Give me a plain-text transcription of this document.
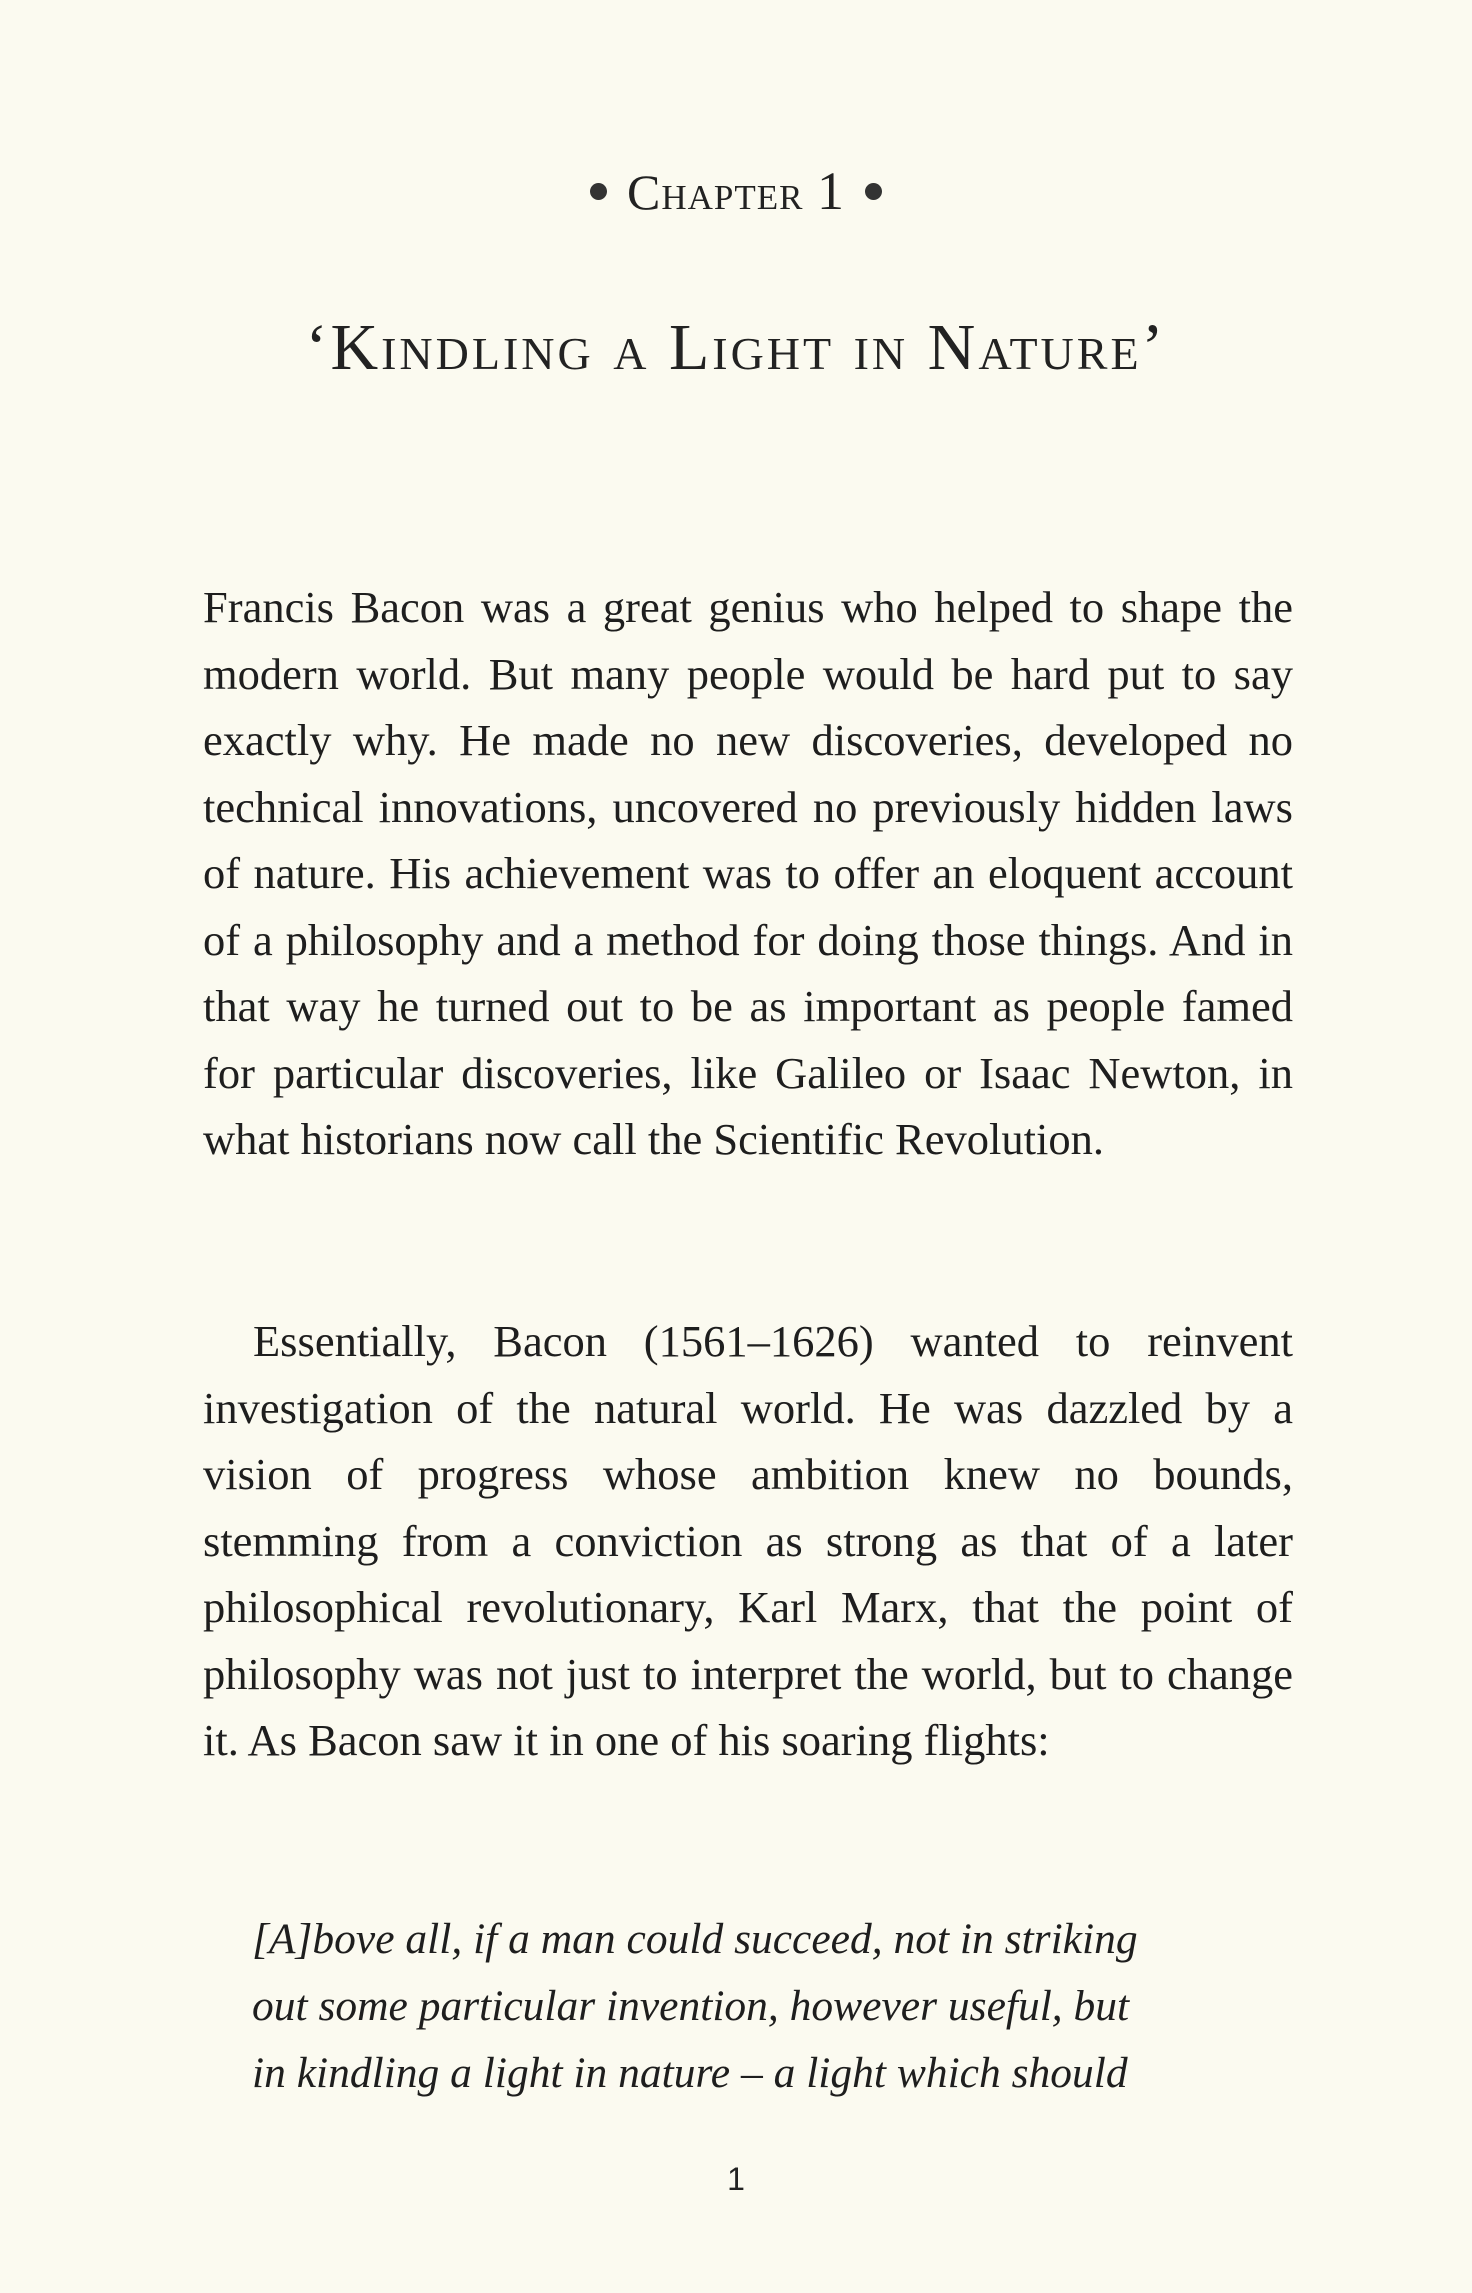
Chapter 1
‘Kindling a Light in Nature’

Francis Bacon was a great genius who helped to shape the modern world. But many people would be hard put to say exactly why. He made no new discoveries, developed no technical innovations, uncovered no previously hidden laws of nature. His achievement was to offer an eloquent account of a philosophy and a method for doing those things. And in that way he turned out to be as important as people famed for particular discoveries, like Galileo or Isaac Newton, in what historians now call the Scientific Revolution.

Essentially, Bacon (1561–1626) wanted to reinvent investigation of the natural world. He was dazzled by a vision of progress whose ambition knew no bounds, stemming from a conviction as strong as that of a later philosophical revolutionary, Karl Marx, that the point of philosophy was not just to interpret the world, but to change it. As Bacon saw it in one of his soaring flights:

[A]bove all, if a man could succeed, not in striking
out some particular invention, however useful, but
in kindling a light in nature – a light which should
1
